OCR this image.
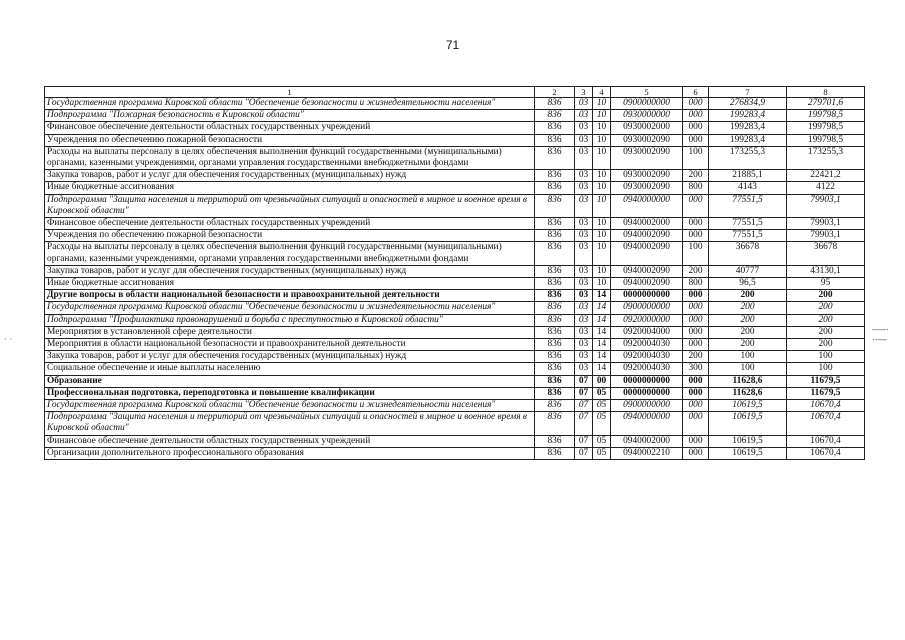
71
1	2	3	4	5	6	7	8
Государственная программа Кировской области "Обеспечение безопасности и жизнедеятельности населения"	836	03	10	0900000000	000	276834,9	279701,6
Подпрограмма "Пожарная безопасность в Кировской области"	836	03	10	0930000000	000	199283,4	199798,5
Финансовое обеспечение деятельности областных государственных учреждений	836	03	10	0930002000	000	199283,4	199798,5
Учреждения по обеспечению пожарной безопасности	836	03	10	0930002090	000	199283,4	199798,5
Расходы на выплаты персоналу в целях обеспечения выполнения функций государственными (муниципальными) органами, казенными учреждениями, органами управления государственными внебюджетными фондами	836	03	10	0930002090	100	173255,3	173255,3
Закупка товаров, работ и услуг для обеспечения государственных (муниципальных) нужд	836	03	10	0930002090	200	21885,1	22421,2
Иные бюджетные ассигнования	836	03	10	0930002090	800	4143	4122
Подпрограмма "Защита населения и территорий от чрезвычайных ситуаций и опасностей в мирное и военное время в Кировской области"	836	03	10	0940000000	000	77551,5	79903,1
Финансовое обеспечение деятельности областных государственных учреждений	836	03	10	0940002000	000	77551,5	79903,1
Учреждения по обеспечению пожарной безопасности	836	03	10	0940002090	000	77551,5	79903,1
Расходы на выплаты персоналу в целях обеспечения выполнения функций государственными (муниципальными) органами, казенными учреждениями, органами управления государственными внебюджетными фондами	836	03	10	0940002090	100	36678	36678
Закупка товаров, работ и услуг для обеспечения государственных (муниципальных) нужд	836	03	10	0940002090	200	40777	43130,1
Иные бюджетные ассигнования	836	03	10	0940002090	800	96,5	95
Другие вопросы в области национальной безопасности и правоохранительной деятельности	836	03	14	0000000000	000	200	200
Государственная программа Кировской области "Обеспечение безопасности и жизнедеятельности населения"	836	03	14	0900000000	000	200	200
Подпрограмма "Профилактика правонарушений и борьба с преступностью в Кировской области"	836	03	14	0920000000	000	200	200
Мероприятия в установленной сфере деятельности	836	03	14	0920004000	000	200	200
Мероприятия в области национальной безопасности и правоохранительной деятельности	836	03	14	0920004030	000	200	200
Закупка товаров, работ и услуг для обеспечения государственных (муниципальных) нужд	836	03	14	0920004030	200	100	100
Социальное обеспечение и иные выплаты населению	836	03	14	0920004030	300	100	100
Образование	836	07	00	0000000000	000	11628,6	11679,5
Профессиональная подготовка, переподготовка и повышение квалификации	836	07	05	0000000000	000	11628,6	11679,5
Государственная программа Кировской области "Обеспечение безопасности и жизнедеятельности населения"	836	07	05	0900000000	000	10619,5	10670,4
Подпрограмма "Защита населения и территорий от чрезвычайных ситуаций и опасностей в мирное и военное время в Кировской области"	836	07	05	0940000000	000	10619,5	10670,4
Финансовое обеспечение деятельности областных государственных учреждений	836	07	05	0940002000	000	10619,5	10670,4
Организации дополнительного профессионального образования	836	07	05	0940002210	000	10619,5	10670,4
—–·
·‑—
· ·
